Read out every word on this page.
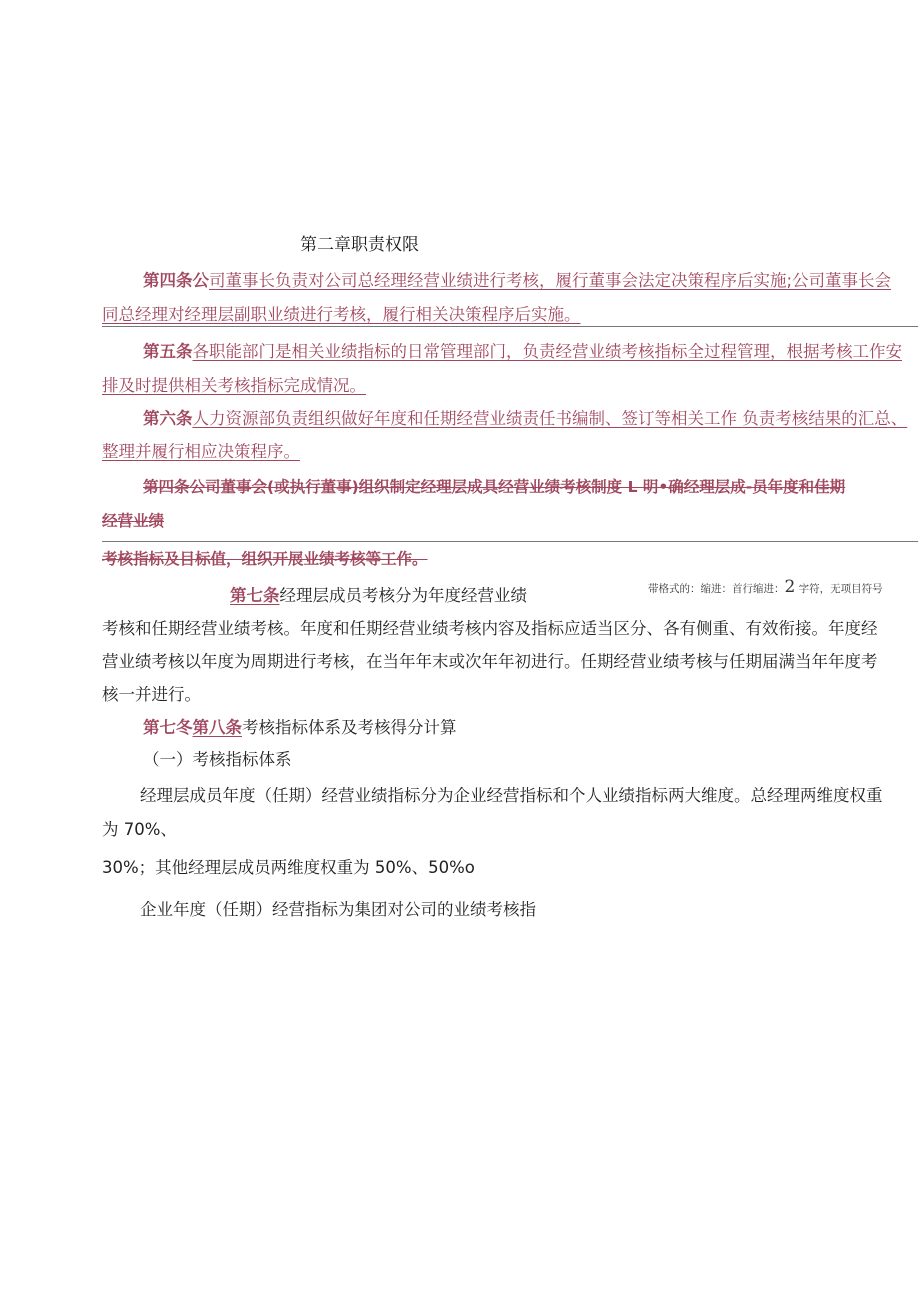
第二章职责权限

第四条公司董事长负责对公司总经理经营业绩进行考核，履行董事会法定决策程序后实施;公司董事长会

同总经理对经理层副职业绩进行考核，履行相关决策程序后实施。

第五条各职能部门是相关业绩指标的日常管理部门，负责经营业绩考核指标全过程管理，根据考核工作安

排及时提供相关考核指标完成情况。

第六条人力资源部负责组织做好年度和任期经营业绩责任书编制、签订等相关工作 负责考核结果的汇总、

整理并履行相应决策程序。

第四条公司董事会(或执行董事)组织制定经理层成具经营业绩考核制度 L 明•确经理层成-员年度和佳期

经营业绩

考核指标及目标值，组织开展业绩考核等工作。

带格式的：缩进：首行缩进：2 字符，无项目符号

第七条经理层成员考核分为年度经营业绩

考核和任期经营业绩考核。年度和任期经营业绩考核内容及指标应适当区分、各有侧重、有效衔接。年度经

营业绩考核以年度为周期进行考核，在当年年末或次年年初进行。任期经营业绩考核与任期届满当年年度考

核一并进行。

第七冬第八条考核指标体系及考核得分计算

（一）考核指标体系

经理层成员年度（任期）经营业绩指标分为企业经营指标和个人业绩指标两大维度。总经理两维度权重

为 70%、

30%；其他经理层成员两维度权重为 50%、50%o

企业年度（任期）经营指标为集团对公司的业绩考核指
